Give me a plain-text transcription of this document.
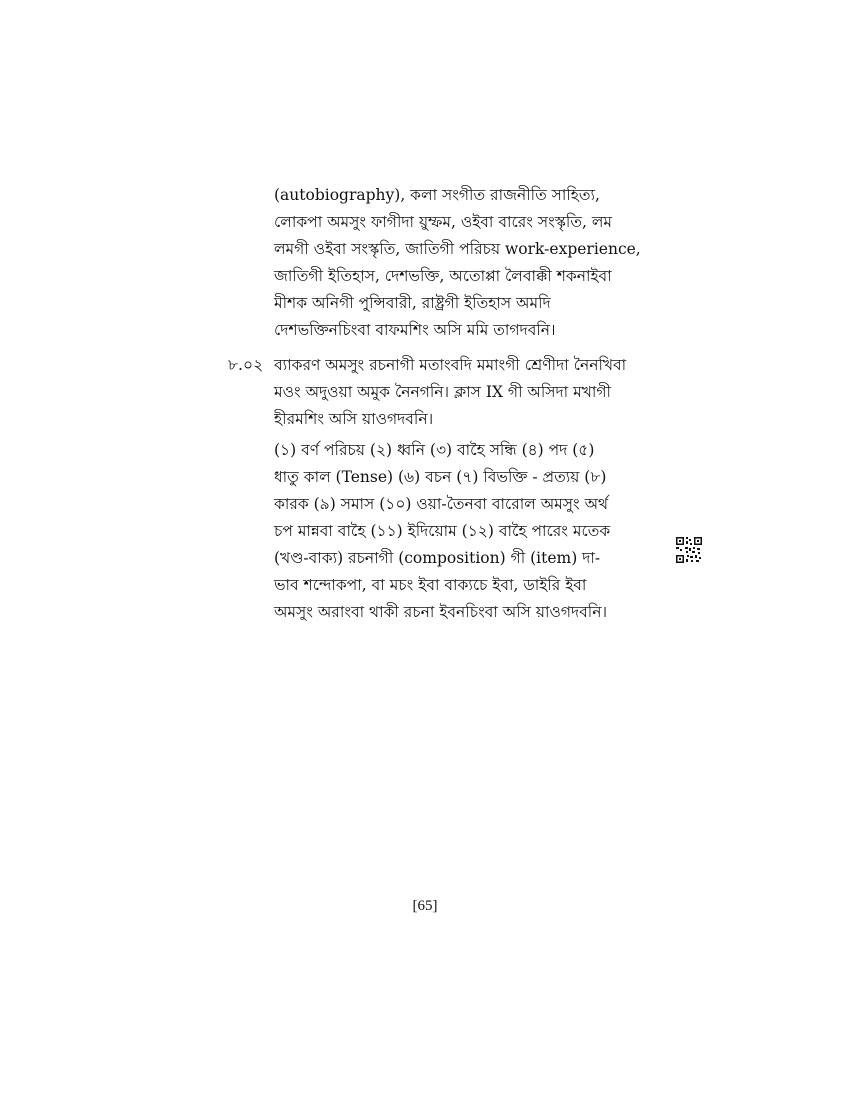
(autobiography), কলা সংগীত রাজনীতি সাহিত্য,
লোকপা অমসুং ফাগীদা য়ুম্ফম, ওইবা বারেং সংস্কৃতি, লম
লমগী ওইবা সংস্কৃতি, জাতিগী পরিচয় work-experience,
জাতিগী ইতিহাস, দেশভক্তি, অতোপ্পা লৈবাক্কী শকনাইবা
মীশক অনিগী পুন্সিবারী, রাষ্ট্রগী ইতিহাস অমদি
দেশভক্তিনচিংবা বাফমশিং অসি মমি তাগদবনি।
৮.০২ ব্যাকরণ অমসুং রচনাগী মতাংবদি মমাংগী শ্রেণীদা নৈনখিবা
মওং অদুওয়া অমুক নৈনগনি। ক্লাস IX গী অসিদা মখাগী
হীরমশিং অসি য়াওগদবনি।
(১) বর্ণ পরিচয় (২) ধ্বনি (৩) বাহৈ সন্ধি (৪) পদ (৫)
ধাতু কাল (Tense) (৬) বচন (৭) বিভক্তি - প্রত্যয় (৮)
কারক (৯) সমাস (১০) ওয়া-তৈনবা বারোল অমসুং অর্থ
চপ মান্নবা বাহৈ (১১) ইদিয়োম (১২) বাহৈ পারেং মতেক
(খণ্ড-বাক্য) রচনাগী (composition) গী (item) দা-
ভাব শন্দোকপা, বা মচং ইবা বাক্যচে ইবা, ডাইরি ইবা
অমসুং অরাংবা থাকী রচনা ইবনচিংবা অসি য়াওগদবনি।
[65]
